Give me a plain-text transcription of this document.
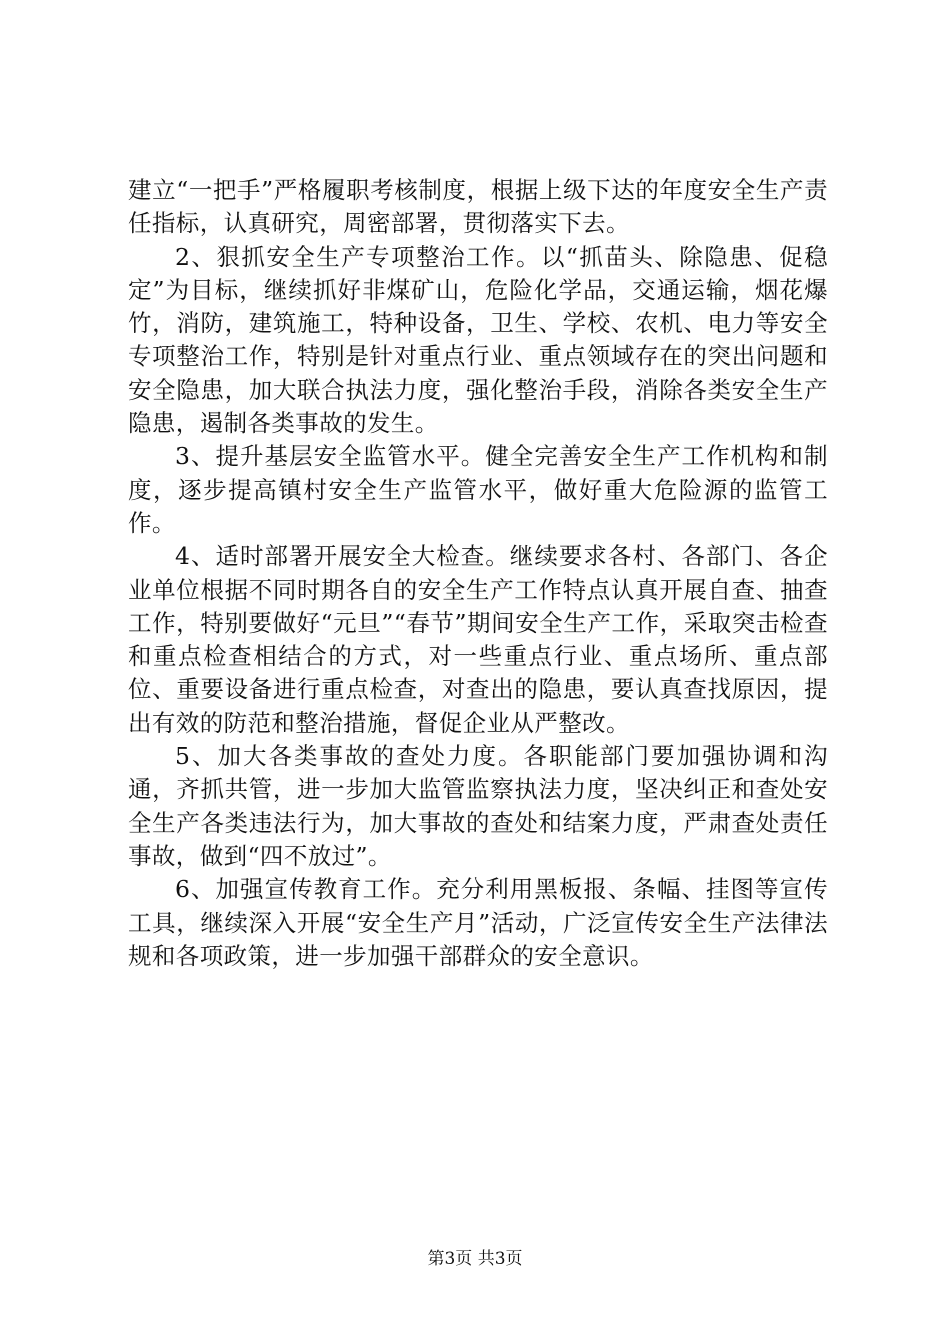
建立“一把手”严格履职考核制度，根据上级下达的年度安全生产责任指标，认真研究，周密部署，贯彻落实下去。

2、狠抓安全生产专项整治工作。以“抓苗头、除隐患、促稳定”为目标，继续抓好非煤矿山，危险化学品，交通运输，烟花爆竹，消防，建筑施工，特种设备，卫生、学校、农机、电力等安全专项整治工作，特别是针对重点行业、重点领域存在的突出问题和安全隐患，加大联合执法力度，强化整治手段，消除各类安全生产隐患，遏制各类事故的发生。

3、提升基层安全监管水平。健全完善安全生产工作机构和制度，逐步提高镇村安全生产监管水平，做好重大危险源的监管工作。

4、适时部署开展安全大检查。继续要求各村、各部门、各企业单位根据不同时期各自的安全生产工作特点认真开展自查、抽查工作，特别要做好“元旦”“春节”期间安全生产工作，采取突击检查和重点检查相结合的方式，对一些重点行业、重点场所、重点部位、重要设备进行重点检查，对查出的隐患，要认真查找原因，提出有效的防范和整治措施，督促企业从严整改。

5、加大各类事故的查处力度。各职能部门要加强协调和沟通，齐抓共管，进一步加大监管监察执法力度，坚决纠正和查处安全生产各类违法行为，加大事故的查处和结案力度，严肃查处责任事故，做到“四不放过”。

6、加强宣传教育工作。充分利用黑板报、条幅、挂图等宣传工具，继续深入开展“安全生产月”活动，广泛宣传安全生产法律法规和各项政策，进一步加强干部群众的安全意识。

第3页 共3页
